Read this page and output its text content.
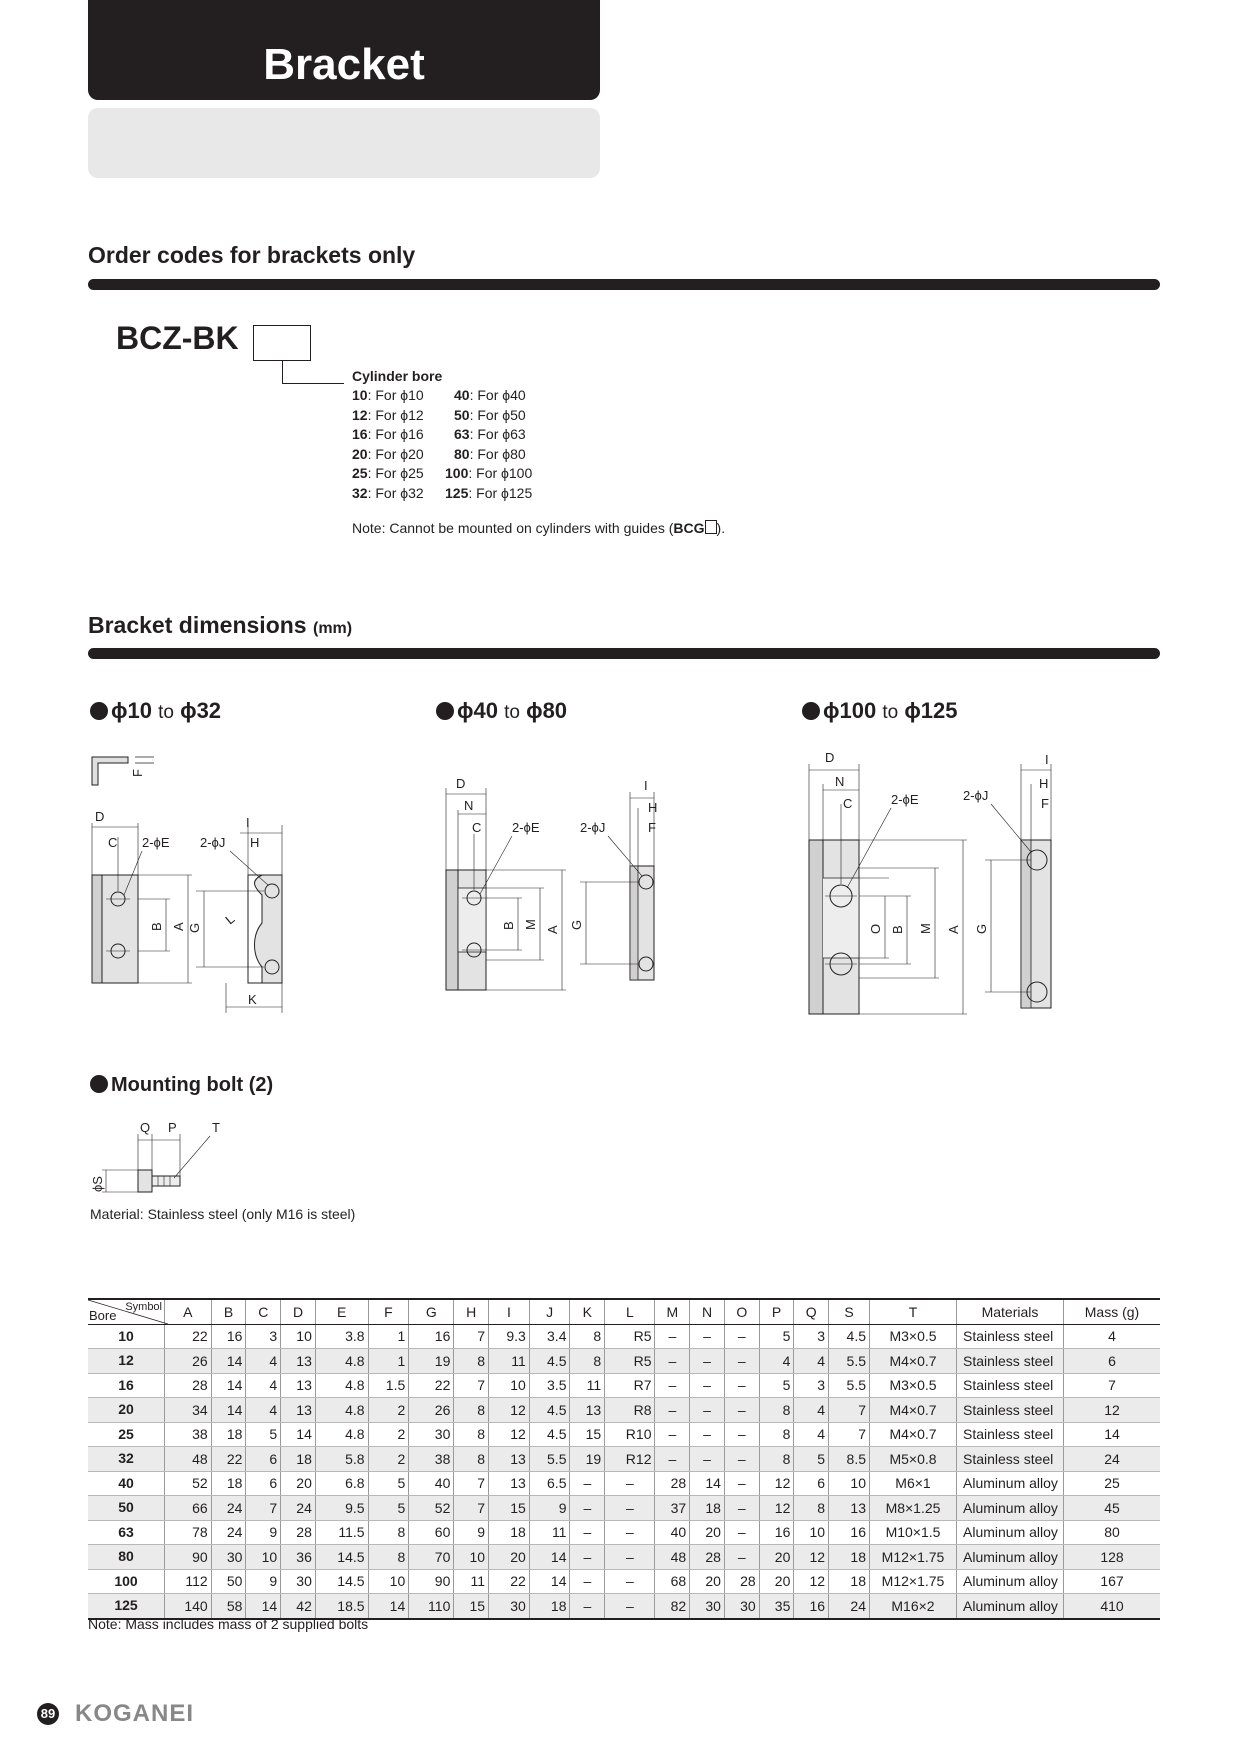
Bracket
Order codes for brackets only
BCZ-BK
Cylinder bore
10: For ϕ10
12: For ϕ12
16: For ϕ16
20: For ϕ20
25: For ϕ25
32: For ϕ32
40: For ϕ40
50: For ϕ50
63: For ϕ63
80: For ϕ80
100: For ϕ100
125: For ϕ125
Note: Cannot be mounted on cylinders with guides (BCG ).
Bracket dimensions (mm)
ϕ10 to ϕ32	ϕ40 to ϕ80	ϕ100 to ϕ125
F
D
C 2-ϕE
B A G
2-ϕJ
I
H
L
K
D
N
C 2-ϕE
B M A G
2-ϕJ
I
H
F
D
N
C	2-ϕE
O B M A G
2-ϕJ
I
H
F
Mounting bolt (2)
Q P	T
ϕS
Material: Stainless steel (only M16 is steel)
Symbol
Bore	A	B	C	D	E	F	G	H	I	J	K	L	M	N	O	P	Q	S	T	Materials	Mass (g)
10	22	16	3	10	3.8	1	16	7	9.3	3.4	8	R5	–	–	–	5	3	4.5	M3×0.5	Stainless steel	4
12	26	14	4	13	4.8	1	19	8	11	4.5	8	R5	–	–	–	4	4	5.5	M4×0.7	Stainless steel	6
16	28	14	4	13	4.8	1.5	22	7	10	3.5	11	R7	–	–	–	5	3	5.5	M3×0.5	Stainless steel	7
20	34	14	4	13	4.8	2	26	8	12	4.5	13	R8	–	–	–	8	4	7	M4×0.7	Stainless steel	12
25	38	18	5	14	4.8	2	30	8	12	4.5	15	R10	–	–	–	8	4	7	M4×0.7	Stainless steel	14
32	48	22	6	18	5.8	2	38	8	13	5.5	19	R12	–	–	–	8	5	8.5	M5×0.8	Stainless steel	24
40	52	18	6	20	6.8	5	40	7	13	6.5	–	–	28	14	–	12	6	10	M6×1	Aluminum alloy	25
50	66	24	7	24	9.5	5	52	7	15	9	–	–	37	18	–	12	8	13	M8×1.25	Aluminum alloy	45
63	78	24	9	28	11.5	8	60	9	18	11	–	–	40	20	–	16	10	16	M10×1.5	Aluminum alloy	80
80	90	30	10	36	14.5	8	70	10	20	14	–	–	48	28	–	20	12	18	M12×1.75	Aluminum alloy	128
100	112	50	9	30	14.5	10	90	11	22	14	–	–	68	20	28	20	12	18	M12×1.75	Aluminum alloy	167
125	140	58	14	42	18.5	14	110	15	30	18	–	–	82	30	30	35	16	24	M16×2	Aluminum alloy	410
Note: Mass includes mass of 2 supplied bolts
89 KOGANEI
